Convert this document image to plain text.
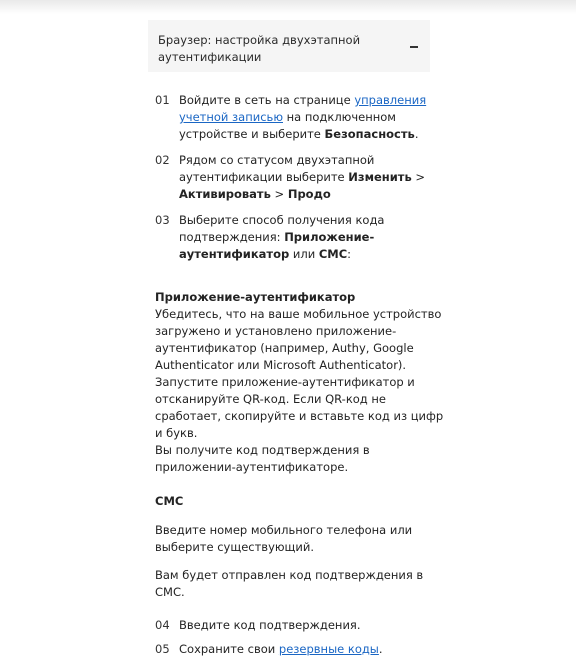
Браузер: настройка двухэтапной аутентификации
01 Войдите в сеть на странице управления учетной записью на подключенном устройстве и выберите Безопасность.
02 Рядом со статусом двухэтапной аутентификации выберите Изменить > Активировать > Продо
03 Выберите способ получения кода подтверждения: Приложение-аутентификатор или СМС:
Приложение-аутентификатор

Убедитесь, что на ваше мобильное устройство загружено и установлено приложение-аутентификатор (например, Authy, Google Authenticator или Microsoft Authenticator).

Запустите приложение-аутентификатор и отсканируйте QR-код. Если QR-код не сработает, скопируйте и вставьте код из цифр и букв.

Вы получите код подтверждения в приложении-аутентификаторе.

СМС

Введите номер мобильного телефона или выберите существующий.

Вам будет отправлен код подтверждения в СМС.

04 Введите код подтверждения.
05 Сохраните свои резервные коды.
